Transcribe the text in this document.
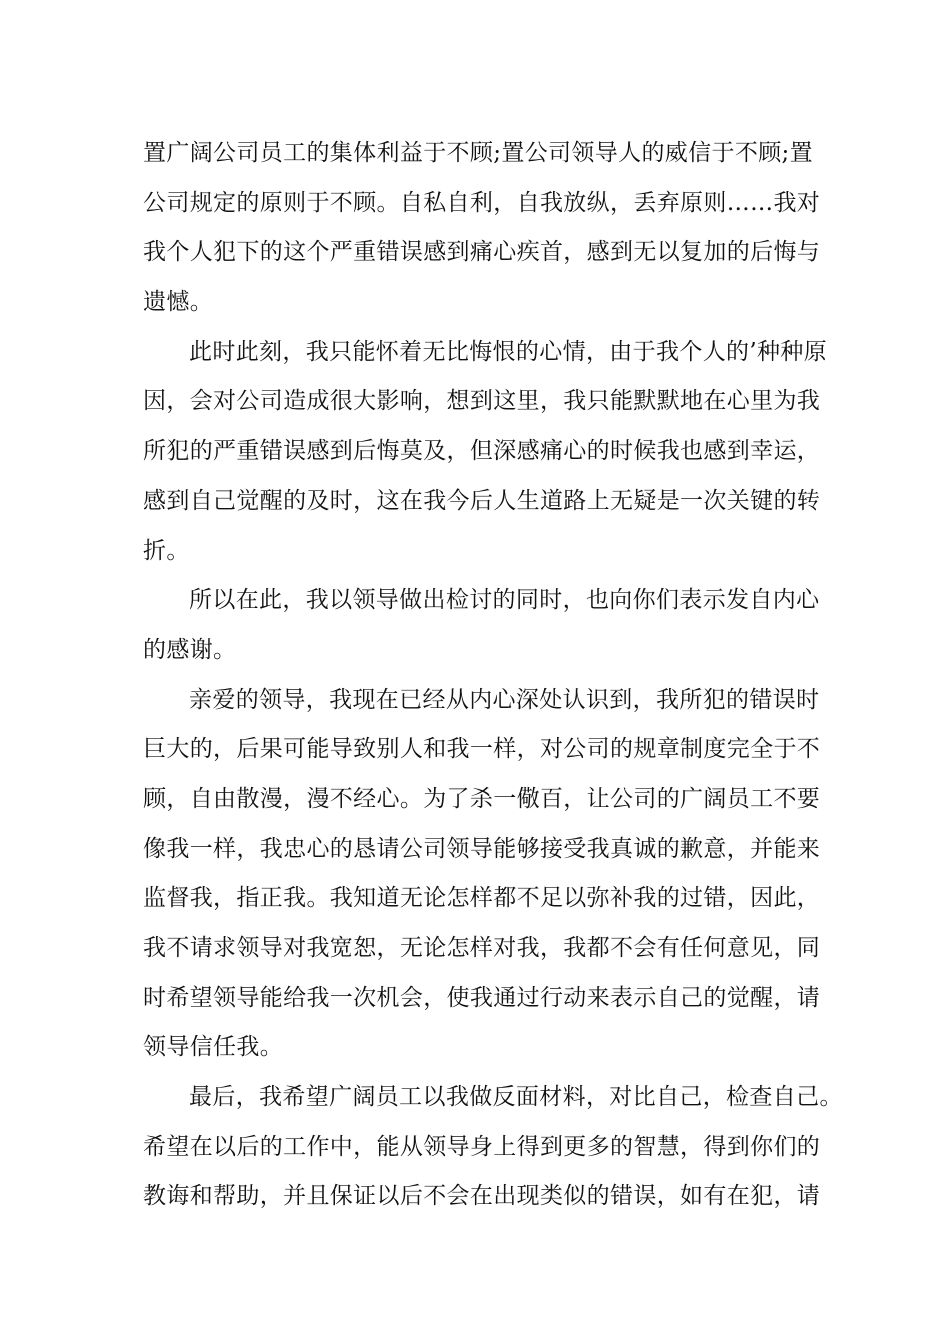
置广阔公司员工的集体利益于不顾;置公司领导人的威信于不顾;置
公司规定的原则于不顾。自私自利，自我放纵，丢弃原则……我对
我个人犯下的这个严重错误感到痛心疾首，感到无以复加的后悔与
遗憾。
此时此刻，我只能怀着无比悔恨的心情，由于我个人的’种种原
因，会对公司造成很大影响，想到这里，我只能默默地在心里为我
所犯的严重错误感到后悔莫及，但深感痛心的时候我也感到幸运，
感到自己觉醒的及时，这在我今后人生道路上无疑是一次关键的转
折。
所以在此，我以领导做出检讨的同时，也向你们表示发自内心
的感谢。
亲爱的领导，我现在已经从内心深处认识到，我所犯的错误时
巨大的，后果可能导致别人和我一样，对公司的规章制度完全于不
顾，自由散漫，漫不经心。为了杀一儆百，让公司的广阔员工不要
像我一样，我忠心的恳请公司领导能够接受我真诚的歉意，并能来
监督我，指正我。我知道无论怎样都不足以弥补我的过错，因此，
我不请求领导对我宽恕，无论怎样对我，我都不会有任何意见，同
时希望领导能给我一次机会，使我通过行动来表示自己的觉醒，请
领导信任我。
最后，我希望广阔员工以我做反面材料，对比自己，检查自己。
希望在以后的工作中，能从领导身上得到更多的智慧，得到你们的
教诲和帮助，并且保证以后不会在出现类似的错误，如有在犯，请
